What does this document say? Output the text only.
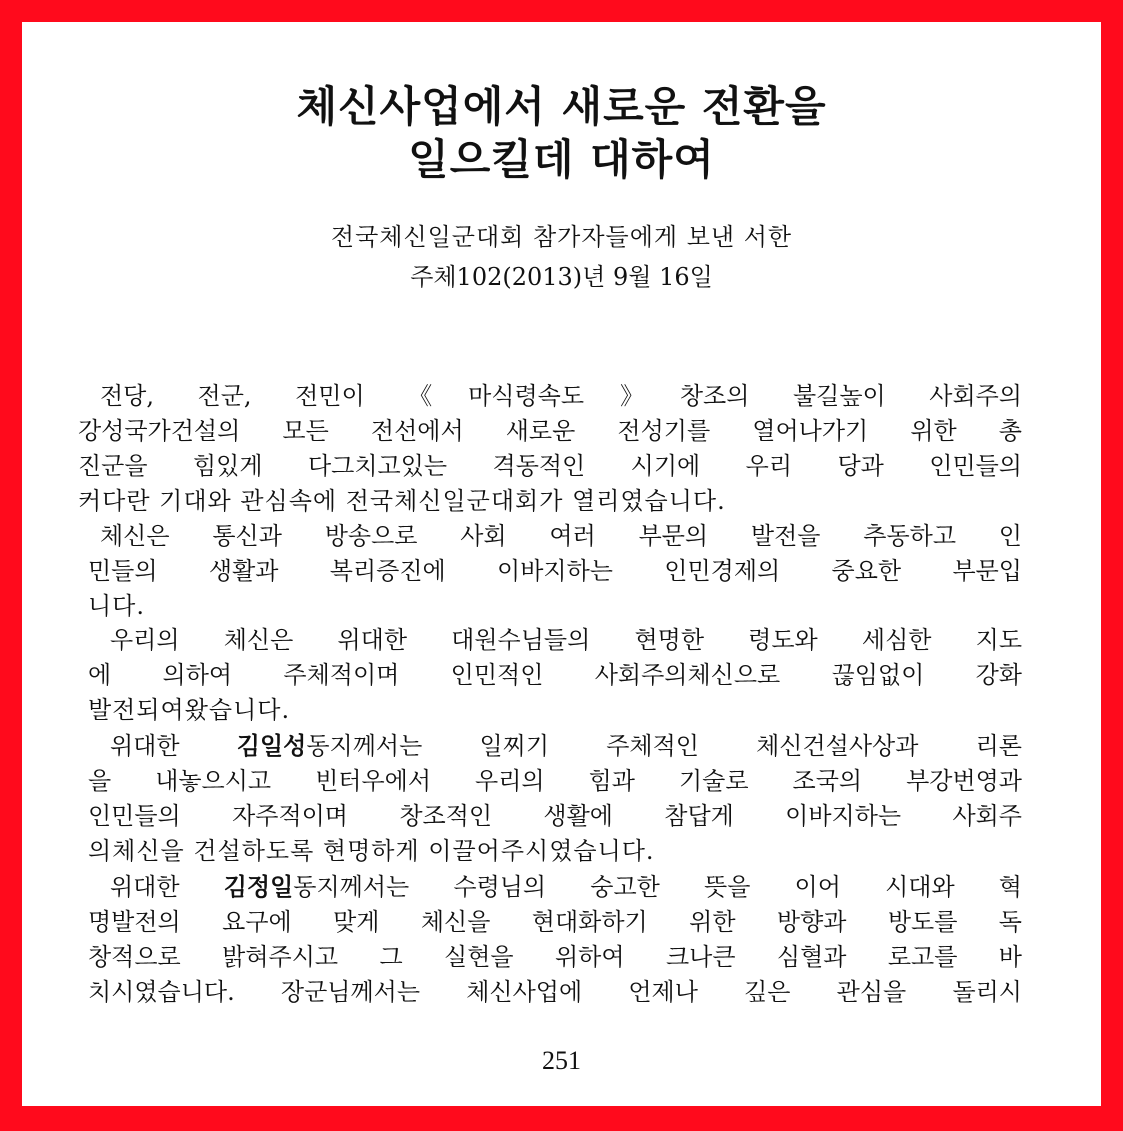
체신사업에서 새로운 전환을
일으킬데 대하여
전국체신일군대회 참가자들에게 보낸 서한
주체102(2013)년 9월 16일
전당, 전군, 전민이 《마식령속도》창조의 불길높이 사회주의
강성국가건설의 모든 전선에서 새로운 전성기를 열어나가기 위한 총
진군을 힘있게 다그치고있는 격동적인 시기에 우리 당과 인민들의
커다란 기대와 관심속에 전국체신일군대회가 열리였습니다.
체신은 통신과 방송으로 사회 여러 부문의 발전을 추동하고 인
민들의 생활과 복리증진에 이바지하는 인민경제의 중요한 부문입
니다.
우리의 체신은 위대한 대원수님들의 현명한 령도와 세심한 지도
에 의하여 주체적이며 인민적인 사회주의체신으로 끊임없이 강화
발전되여왔습니다.
위대한 김일성동지께서는 일찌기 주체적인 체신건설사상과 리론
을 내놓으시고 빈터우에서 우리의 힘과 기술로 조국의 부강번영과
인민들의 자주적이며 창조적인 생활에 참답게 이바지하는 사회주
의체신을 건설하도록 현명하게 이끌어주시였습니다.
위대한 김정일동지께서는 수령님의 숭고한 뜻을 이어 시대와 혁
명발전의 요구에 맞게 체신을 현대화하기 위한 방향과 방도를 독
창적으로 밝혀주시고 그 실현을 위하여 크나큰 심혈과 로고를 바
치시였습니다. 장군님께서는 체신사업에 언제나 깊은 관심을 돌리시
251
